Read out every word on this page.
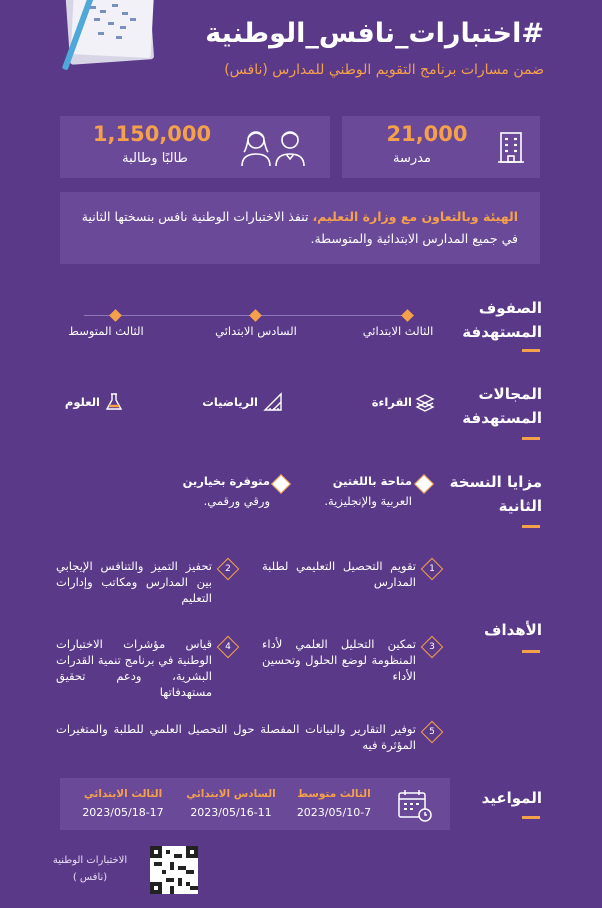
#اختبارات_نافس_الوطنية
ضمن مسارات برنامج التقويم الوطني للمدارس (نافس)
21,000
مدرسة
1,150,000
طالبًا وطالبة
الهيئة وبالتعاون مع وزارة التعليم، تنفذ الاختبارات الوطنية نافس بنسختها الثانية في جميع المدارس الابتدائية والمتوسطة.
الصفوف المستهدفة
الثالث الابتدائي
السادس الابتدائي
الثالث المتوسط
المجالات المستهدفة
القراءة
الرياضيات
العلوم
مزايا النسخة الثانية
متاحة باللغتين
العربية والإنجليزية.
متوفرة بخيارين
ورقي ورقمي.
الأهداف
1
تقويم التحصيل التعليمي لطلبة المدارس
2
تحفيز التميز والتنافس الإيجابي بين المدارس ومكاتب وإدارات التعليم
3
تمكين التحليل العلمي لأداء المنظومة لوضع الحلول وتحسين الأداء
4
قياس مؤشرات الاختبارات الوطنية في برنامج تنمية القدرات البشرية، ودعم تحقيق مستهدفاتها
5
توفير التقارير والبيانات المفصلة حول التحصيل العلمي للطلبة والمتغيرات المؤثرة فيه
المواعيد
الثالث متوسط
2023/05/10-7
السادس الابتدائي
2023/05/16-11
الثالث الابتدائي
2023/05/18-17
الاختبارات الوطنية
(نافس )
